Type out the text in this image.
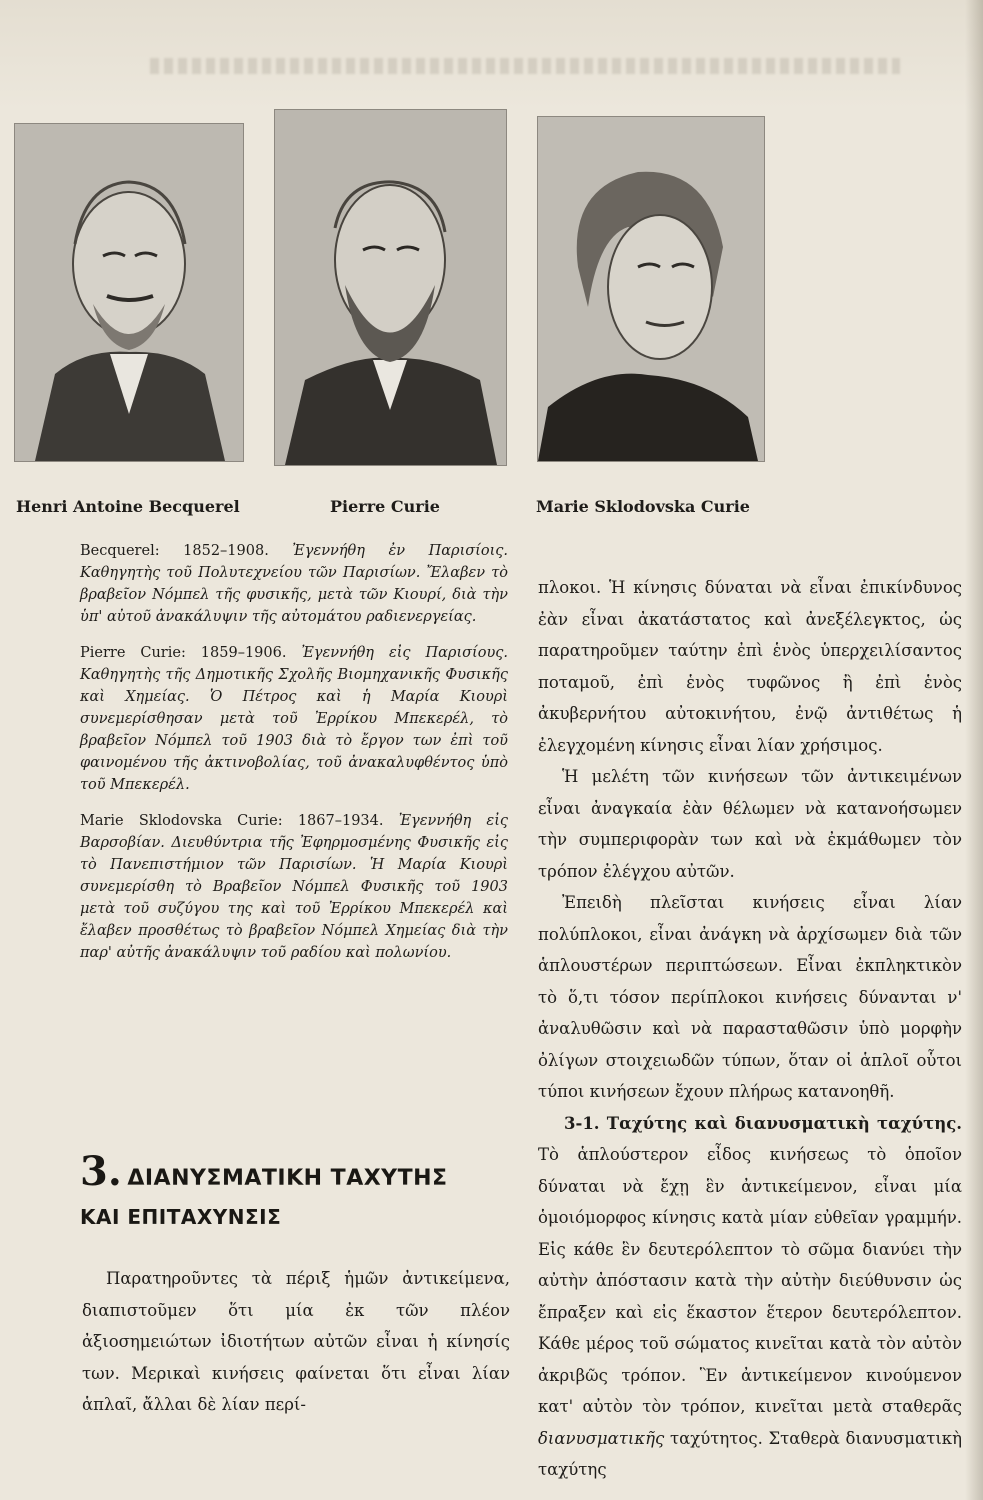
Henri Antoine Becquerel	Pierre Curie	Marie Sklodovska Curie

Becquerel: 1852–1908. Ἐγεννήθη ἐν Παρισίοις. Καθηγητὴς τοῦ Πολυτεχνείου τῶν Παρισίων. Ἔλαβεν τὸ βραβεῖον Νόμπελ τῆς φυσικῆς, μετὰ τῶν Κιουρί, διὰ τὴν ὑπ' αὐτοῦ ἀνακάλυψιν τῆς αὐτομάτου ραδιενεργείας.

Pierre Curie: 1859–1906. Ἐγεννήθη εἰς Παρισίους. Καθηγητὴς τῆς Δημοτικῆς Σχολῆς Βιομηχανικῆς Φυσικῆς καὶ Χημείας. Ὁ Πέτρος καὶ ἡ Μαρία Κιουρὶ συνεμερίσθησαν μετὰ τοῦ Ἐρρίκου Μπεκερέλ, τὸ βραβεῖον Νόμπελ τοῦ 1903 διὰ τὸ ἔργον των ἐπὶ τοῦ φαινομένου τῆς ἀκτινοβολίας, τοῦ ἀνακαλυφθέντος ὑπὸ τοῦ Μπεκερέλ.

Marie Sklodovska Curie: 1867–1934. Ἐγεννήθη εἰς Βαρσοβίαν. Διευθύντρια τῆς Ἐφηρμοσμένης Φυσικῆς εἰς τὸ Πανεπιστήμιον τῶν Παρισίων. Ἡ Μαρία Κιουρὶ συνεμερίσθη τὸ Βραβεῖον Νόμπελ Φυσικῆς τοῦ 1903 μετὰ τοῦ συζύγου της καὶ τοῦ Ἐρρίκου Μπεκερέλ καὶ ἔλαβεν προσθέτως τὸ βραβεῖον Νόμπελ Χημείας διὰ τὴν παρ' αὐτῆς ἀνακάλυψιν τοῦ ραδίου καὶ πολωνίου.

3. ΔΙΑΝΥΣΜΑΤΙΚΗ ΤΑΧΥΤΗΣ
ΚΑΙ ΕΠΙΤΑΧΥΝΣΙΣ

Παρατηροῦντες τὰ πέριξ ἡμῶν ἀντικείμενα, διαπιστοῦμεν ὅτι μία ἐκ τῶν πλέον ἀξιοσημειώτων ἰδιοτήτων αὐτῶν εἶναι ἡ κίνησίς των. Μερικαὶ κινήσεις φαίνεται ὅτι εἶναι λίαν ἁπλαῖ, ἄλλαι δὲ λίαν περί-

πλοκοι. Ἡ κίνησις δύναται νὰ εἶναι ἐπικίνδυνος ἐὰν εἶναι ἀκατάστατος καὶ ἀνεξέλεγκτος, ὡς παρατηροῦμεν ταύτην ἐπὶ ἑνὸς ὑπερχειλίσαντος ποταμοῦ, ἐπὶ ἑνὸς τυφῶνος ἢ ἐπὶ ἑνὸς ἀκυβερνήτου αὐτοκινήτου, ἐνῷ ἀντιθέτως ἡ ἐλεγχομένη κίνησις εἶναι λίαν χρήσιμος.

Ἡ μελέτη τῶν κινήσεων τῶν ἀντικειμένων εἶναι ἀναγκαία ἐὰν θέλωμεν νὰ κατανοήσωμεν τὴν συμπεριφορὰν των καὶ νὰ ἐκμάθωμεν τὸν τρόπον ἐλέγχου αὐτῶν.

Ἐπειδὴ πλεῖσται κινήσεις εἶναι λίαν πολύπλοκοι, εἶναι ἀνάγκη νὰ ἀρχίσωμεν διὰ τῶν ἁπλουστέρων περιπτώσεων. Εἶναι ἐκπληκτικὸν τὸ ὅ,τι τόσον περίπλοκοι κινήσεις δύνανται ν' ἀναλυθῶσιν καὶ νὰ παρασταθῶσιν ὑπὸ μορφὴν ὀλίγων στοιχειωδῶν τύπων, ὅταν οἱ ἁπλοῖ οὗτοι τύποι κινήσεων ἔχουν πλήρως κατανοηθῆ.

3-1. Ταχύτης καὶ διανυσματικὴ ταχύτης. Τὸ ἁπλούστερον εἶδος κινήσεως τὸ ὁποῖον δύναται νὰ ἔχῃ ἓν ἀντικείμενον, εἶναι μία ὁμοιόμορφος κίνησις κατὰ μίαν εὐθεῖαν γραμμήν. Εἰς κάθε ἓν δευτερόλεπτον τὸ σῶμα διανύει τὴν αὐτὴν ἀπόστασιν κατὰ τὴν αὐτὴν διεύθυνσιν ὡς ἔπραξεν καὶ εἰς ἕκαστον ἕτερον δευτερόλεπτον. Κάθε μέρος τοῦ σώματος κινεῖται κατὰ τὸν αὐτὸν ἀκριβῶς τρόπον. Ἓν ἀντικείμενον κινούμενον κατ' αὐτὸν τὸν τρόπον, κινεῖται μετὰ σταθερᾶς διανυσματικῆς ταχύτητος. Σταθερὰ διανυσματικὴ ταχύτης
